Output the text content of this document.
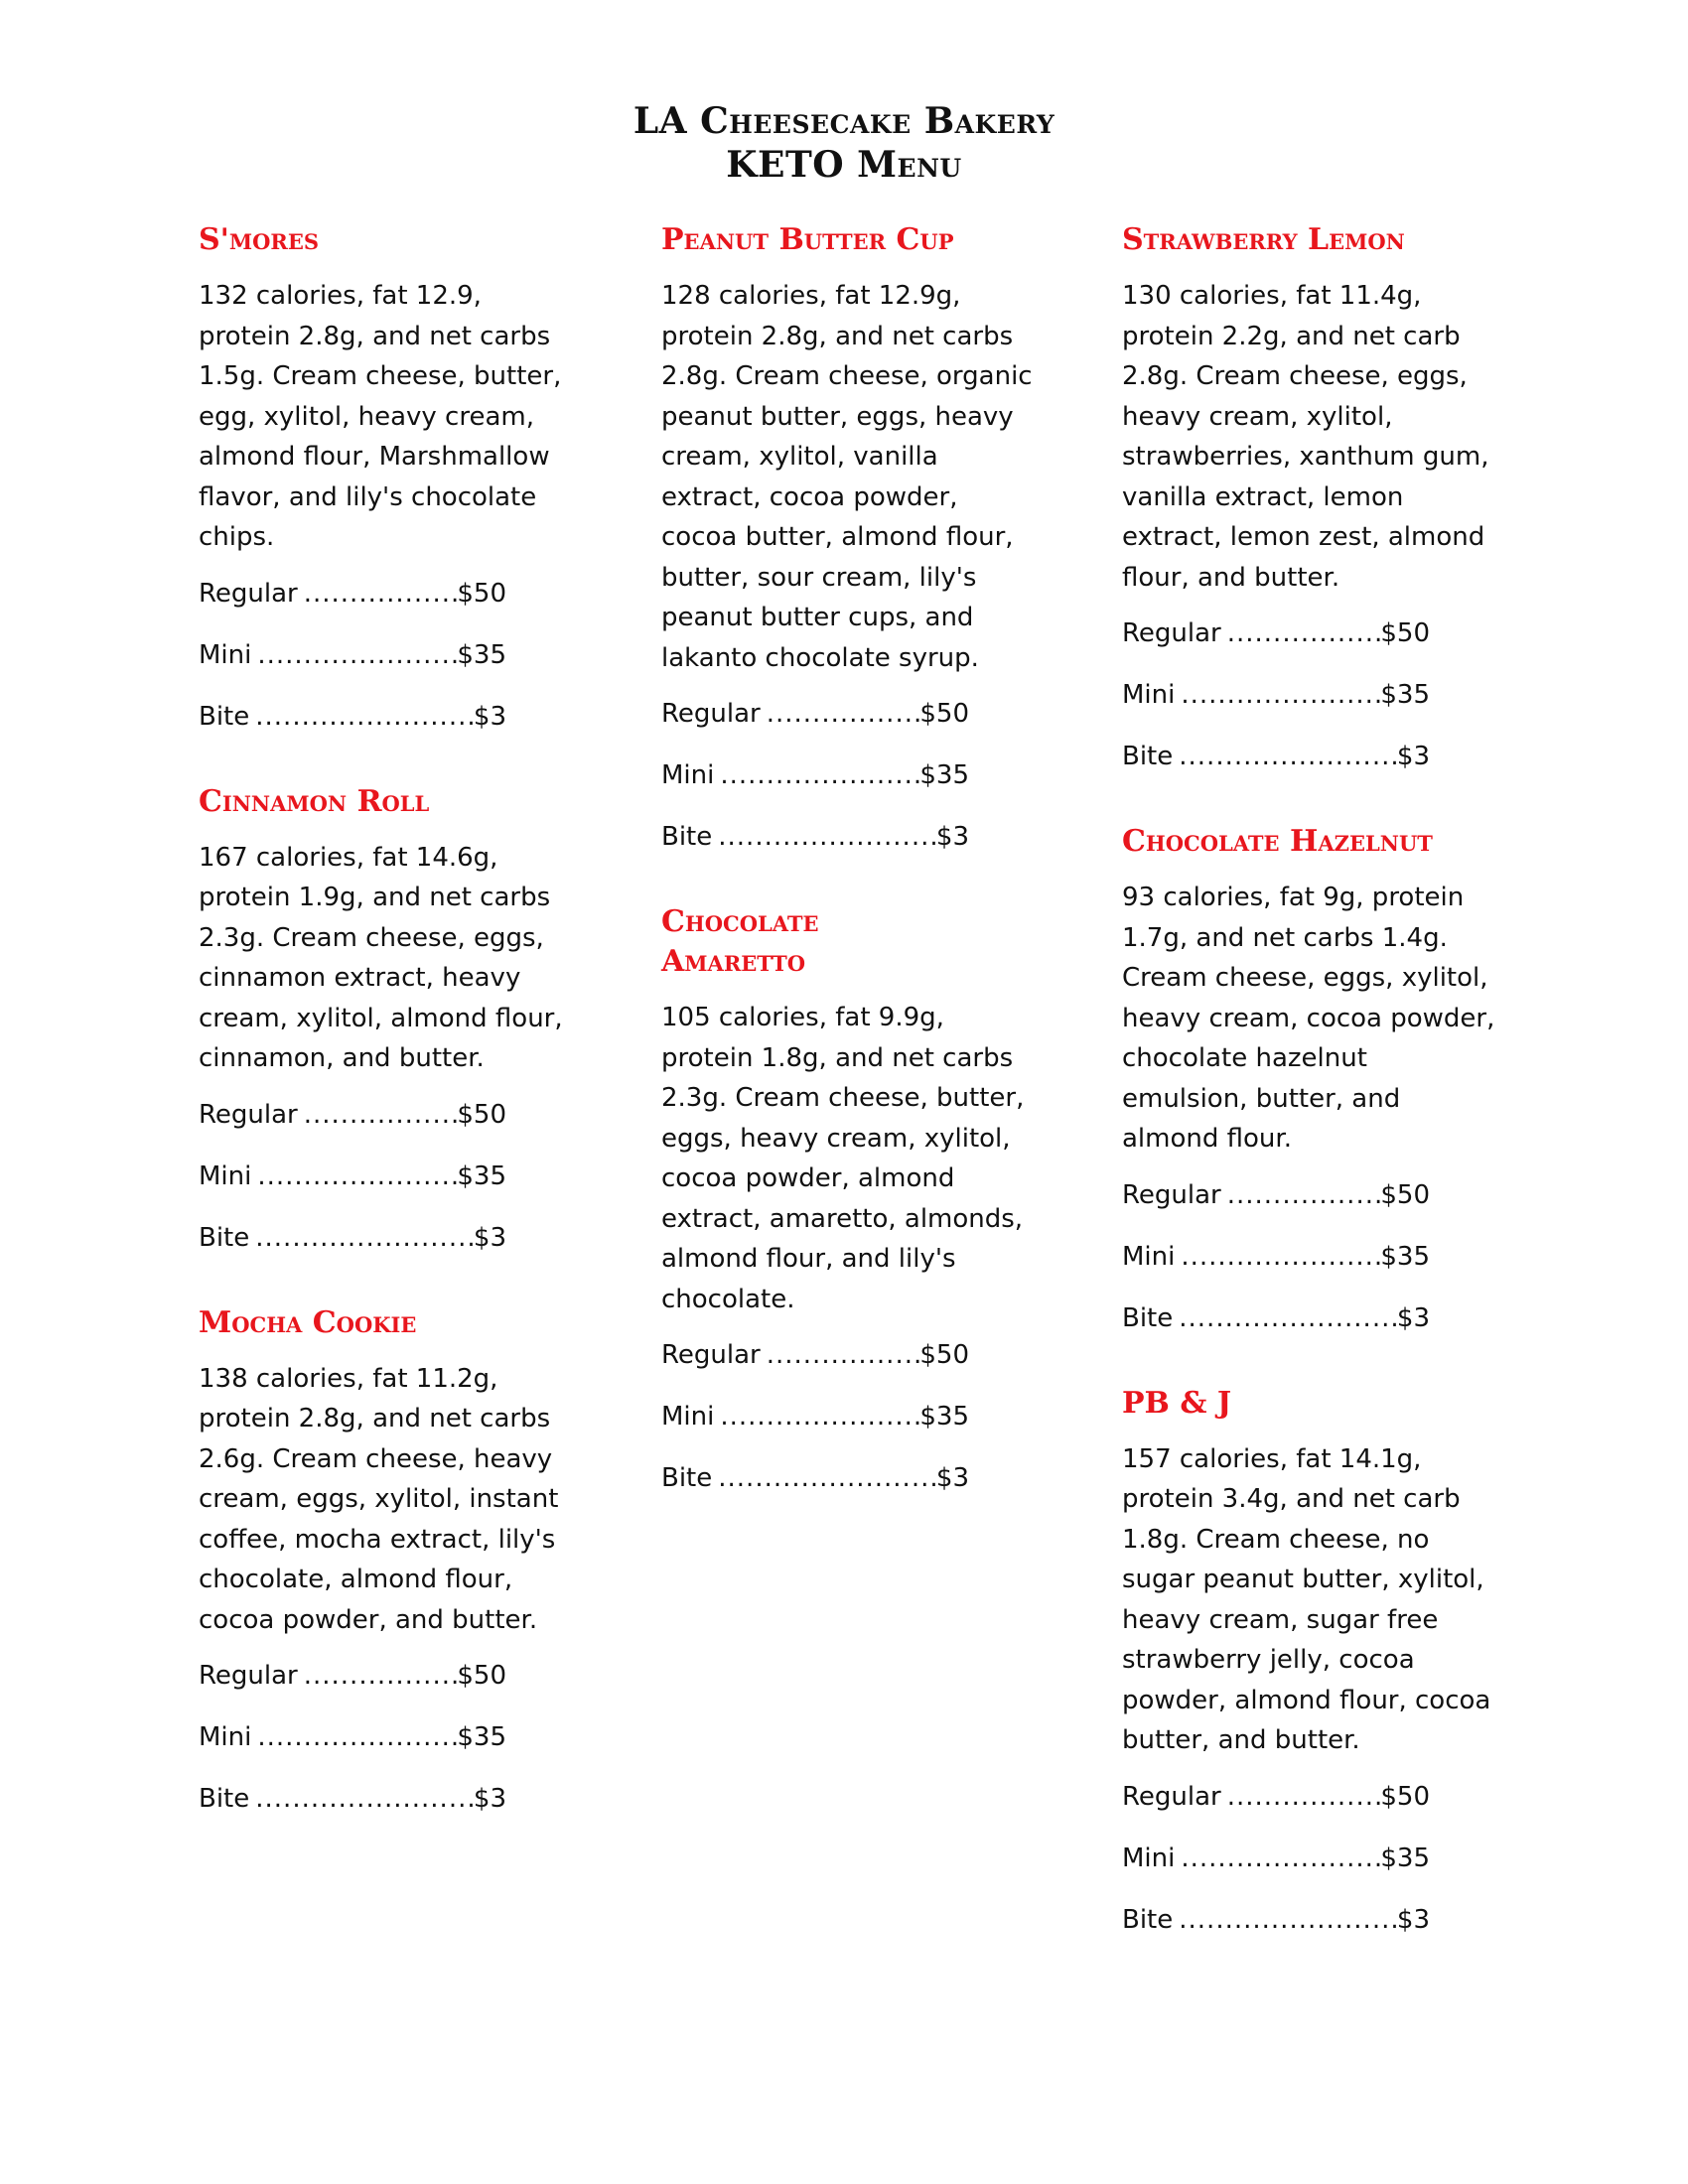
LA Cheesecake Bakery
KETO Menu
S'mores

132 calories, fat 12.9, protein 2.8g, and net carbs 1.5g. Cream cheese, butter, egg, xylitol, heavy cream, almond flour, Marshmallow flavor, and lily's chocolate chips.

Regular .....	$50
Mini .....	$35
Bite .....	$3
Cinnamon Roll

167 calories, fat 14.6g, protein 1.9g, and net carbs 2.3g. Cream cheese, eggs, cinnamon extract, heavy cream, xylitol, almond flour, cinnamon, and butter.

Regular .....	$50
Mini .....	$35
Bite .....	$3
Mocha Cookie

138 calories, fat 11.2g, protein 2.8g, and net carbs 2.6g. Cream cheese, heavy cream, eggs, xylitol, instant coffee, mocha extract, lily's chocolate, almond flour, cocoa powder, and butter.

Regular .....	$50
Mini .....	$35
Bite .....	$3
Peanut Butter Cup

128 calories, fat 12.9g, protein 2.8g, and net carbs 2.8g. Cream cheese, organic peanut butter, eggs, heavy cream, xylitol, vanilla extract, cocoa powder, cocoa butter, almond flour, butter, sour cream, lily's peanut butter cups, and lakanto chocolate syrup.

Regular .....	$50
Mini .....	$35
Bite .....	$3
Chocolate Amaretto

105 calories, fat 9.9g, protein 1.8g, and net carbs 2.3g. Cream cheese, butter, eggs, heavy cream, xylitol, cocoa powder, almond extract, amaretto, almonds, almond flour, and lily's chocolate.

Regular .....	$50
Mini .....	$35
Bite .....	$3
Strawberry Lemon

130 calories, fat 11.4g, protein 2.2g, and net carb 2.8g. Cream cheese, eggs, heavy cream, xylitol, strawberries, xanthum gum, vanilla extract, lemon extract, lemon zest, almond flour, and butter.

Regular .....	$50
Mini .....	$35
Bite .....	$3
Chocolate Hazelnut

93 calories, fat 9g, protein 1.7g, and net carbs 1.4g. Cream cheese, eggs, xylitol, heavy cream, cocoa powder, chocolate hazelnut emulsion, butter, and almond flour.

Regular .....	$50
Mini .....	$35
Bite .....	$3
PB & J

157 calories, fat 14.1g, protein 3.4g, and net carb 1.8g. Cream cheese, no sugar peanut butter, xylitol, heavy cream, sugar free strawberry jelly, cocoa powder, almond flour, cocoa butter, and butter.

Regular .....	$50
Mini .....	$35
Bite .....	$3
